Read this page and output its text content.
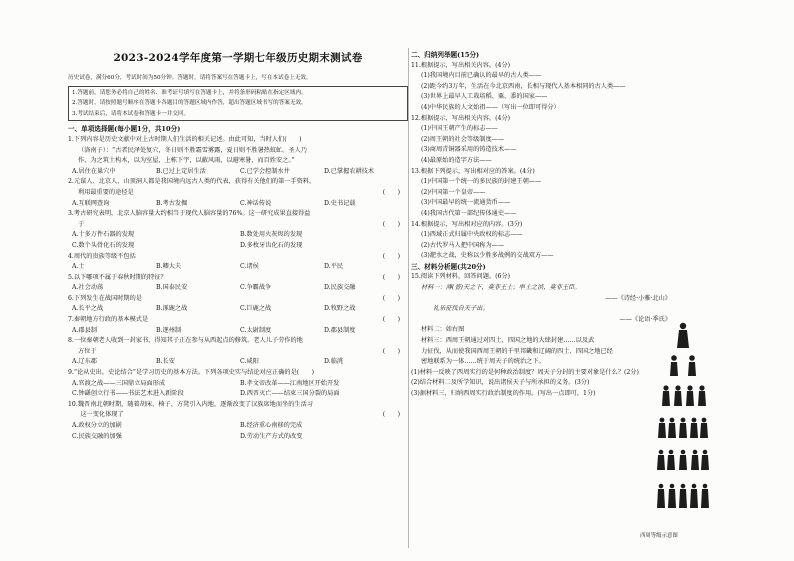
2023-2024学年度第一学期七年级历史期末测试卷
历史试卷，满分60分，考试时间为50分钟。答题时，请将答案写在答题卡上，写在本试卷上无效。
1.答题前，请您务必将自己的姓名、准考证号填写在答题卡上，并将条形码粘贴在指定区域内。
2.答题时，请按照题号顺序在答题卡各题目的答题区域内作答，超出答题区域书写的答案无效。
3.考试结束后，请将本试卷和答题卡一并交回。
一、单项选择题(每小题1分，共10分)
1.下列内容是历史文献中对上古时期人们生活的相关记述。由此可知，当时人们(　　)
（洛南子）：“古者民泽处复穴，冬日则不胜霜雪雾露，夏日则不胜暑热蚊虻。圣人乃
作，为之筑土构木，以为室屋，上栋下宇，以蔽风雨，以避寒暑，而百姓安之。”
A.居住在巢穴中	B.已过上定居生活	C.已学会控制水井	D.已掌握农耕技术
2.元谋人、北京人、山顶洞人都是我国境内远古人类的代表，获得有关他们的第一手资料，
利用最重要的途径是	(　　)
A.互联网查询	B.考古发掘	C.神话传说	D.史书记载
3.考古研究表明，北京人脑容量大约相当于现代人脑容量的76%。这一研究成果直接得益
于	(　　)
A.十多万件石器的发现	B.数处用火灰烬的发现
C.数个头骨化石的发现	D.多枚牙齿化石的发现
4.周代的贵族等级不包括	(　　)
A.士	B.卿大夫	C.诸侯	D.平民
5.以下哪项不属于春秋时期的特征？	(　　)
A.社会动荡	B.国泰民安	C.争霸战争	D.民族交融
6.下列发生在战国时期的是	(　　)
A.长平之战	B.涿鹿之战	C.巨鹿之战	D.牧野之战
7.秦朝地方行政的基本模式是	(　　)
A.郡县制	B.逐州制	C.太尉制度	D.郡县制度
8.一位秦朝老人收到一封家书，得知其子正在参与从西起点的修筑。老人儿子劳作的地
方位于	(　　)
A.辽东郡	B.长安	C.咸阳	D.临洮
9.“论从史出，史论结合”是学习历史的基本方法。下列各项史实与结论对应正确的是(　　)
A.官渡之战——三国鼎立局面形成	B.孝文帝改革——江南地区开始开发
C.钟繇创立行书——书法艺术进入新阶段	D.西晋灭亡——结束三国分裂的局面
10.魏晋南北朝时期，随着胡床、椅子、方凳引入内地，逐渐改变了汉族席地而坐的生活习
　　这一变化体现了	(　　)
A.政权分立的加剧	B.经济重心南移的完成
C.民族交融的加强	D.劳动生产方式的改变
二、归纳列举题(15分)
11.根据提示，写出相关内容。(4分)
(1)我国境内目前已确认的最早的古人类——
(2)距今约3万年，生活在今北京西南，长相与现代人基本相同的古人类——
(3)世界上最早人工栽培稻、粟、黍的国家——
(4)中华民族的人文始祖——（写出一位即可得分）
12.根据提示，写出相关内容。(4分)
(1)中国王朝产生的标志——
(2)周王朝的社会等级制度——
(3)商周青铜器采用的铸造技术——
(4)最原始的造字方法——
13.根据下列提示，写出相对应的答案。(4分)
(1)中国第一个统一的多民族的封建王朝——
(2)中国第一个皇帝——
(3)中国最早的统一流通货币——
(4)我国古代第一部纪传体通史——
14.根据提示，写出相对应的内容。(3分)
(1)西域正式归属中央政权的标志——
(2)古代罗马人把中国称为——
(3)淝水之战，史称以少胜多战例的交战双方——
三、材料分析题(共20分)
15.阅读下列材料，回答问题。(6分)
材料一：溥(普)天之下，莫非王土；率土之滨，莫非王臣。
——《诗经·小雅·北山》
礼乐征伐自天子出。
——《论语·季氏》
材料二：如右图
材料三：西周王朝通过对四土、四国之地的大肆封建……以及武
力征伐，从而使我国西周王朝的千里邦畿和辽阔的四土、四国之地已经
密地联系为一体……统于周天子的统治之下。
(1)材料一反映了西周实行的是何种政治制度？周天子分封的主要对象是什么？(2分)
(2)结合材料二及所学知识，说出诸侯天子与所承担的义务。(3分)
(3)据材料三，归纳西周实行政治制度的作用。(写出一点即可，1分)
西周等级示意图
